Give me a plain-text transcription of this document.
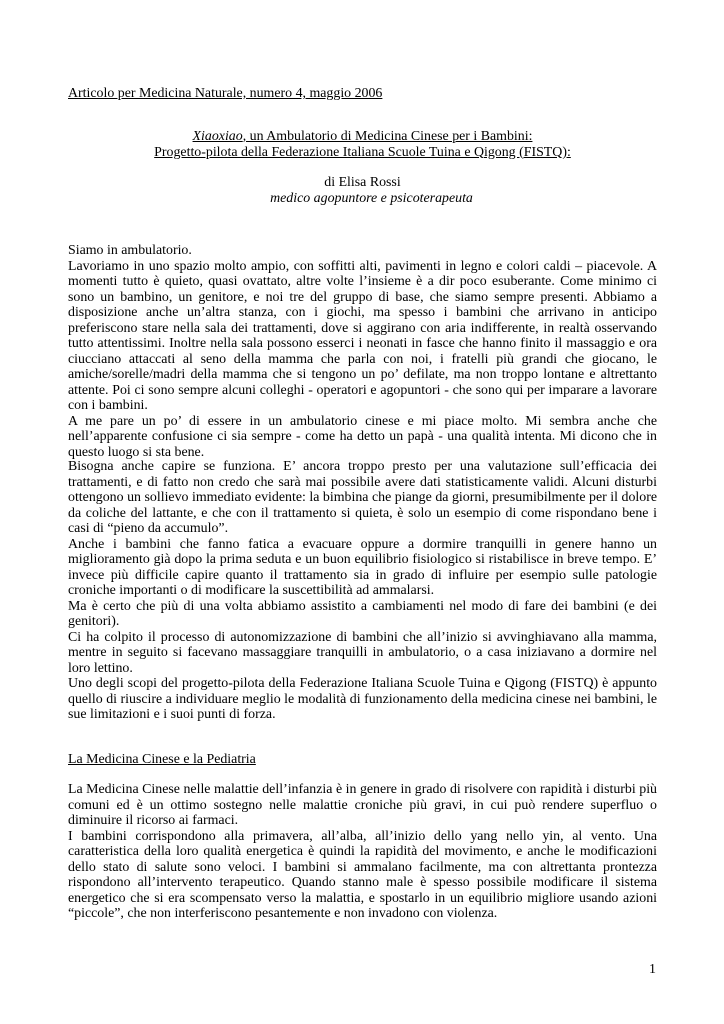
Articolo per Medicina Naturale, numero 4, maggio 2006
Xiaoxiao, un Ambulatorio di Medicina Cinese per i Bambini:
Progetto-pilota della Federazione Italiana Scuole Tuina e Qigong (FISTQ):
di Elisa Rossi
medico agopuntore e psicoterapeuta

Siamo in ambulatorio.

Lavoriamo in uno spazio molto ampio, con soffitti alti, pavimenti in legno e colori caldi – piacevole. A momenti tutto è quieto, quasi ovattato, altre volte l’insieme è a dir poco esuberante. Come minimo ci sono un bambino, un genitore, e noi tre del gruppo di base, che siamo sempre presenti. Abbiamo a disposizione anche un’altra stanza, con i giochi, ma spesso i bambini che arrivano in anticipo preferiscono stare nella sala dei trattamenti, dove si aggirano con aria indifferente, in realtà osservando tutto attentissimi. Inoltre nella sala possono esserci i neonati in fasce che hanno finito il massaggio e ora ciucciano attaccati al seno della mamma che parla con noi, i fratelli più grandi che giocano, le amiche/sorelle/madri della mamma che si tengono un po’ defilate, ma non troppo lontane e altrettanto attente. Poi ci sono sempre alcuni colleghi - operatori e agopuntori - che sono qui per imparare a lavorare con i bambini.

A me pare un po’ di essere in un ambulatorio cinese e mi piace molto. Mi sembra anche che nell’apparente confusione ci sia sempre - come ha detto un papà - una qualità intenta. Mi dicono che in questo luogo si sta bene.

Bisogna anche capire se funziona. E’ ancora troppo presto per una valutazione sull’efficacia dei trattamenti, e di fatto non credo che sarà mai possibile avere dati statisticamente validi. Alcuni disturbi ottengono un sollievo immediato evidente: la bimbina che piange da giorni, presumibilmente per il dolore da coliche del lattante, e che con il trattamento si quieta, è solo un esempio di come rispondano bene i casi di “pieno da accumulo”.

Anche i bambini che fanno fatica a evacuare oppure a dormire tranquilli in genere hanno un miglioramento già dopo la prima seduta e un buon equilibrio fisiologico si ristabilisce in breve tempo. E’ invece più difficile capire quanto il trattamento sia in grado di influire per esempio sulle patologie croniche importanti o di modificare la suscettibilità ad ammalarsi.

Ma è certo che più di una volta abbiamo assistito a cambiamenti nel modo di fare dei bambini (e dei genitori).

Ci ha colpito il processo di autonomizzazione di bambini che all’inizio si avvinghiavano alla mamma, mentre in seguito si facevano massaggiare tranquilli in ambulatorio, o a casa iniziavano a dormire nel loro lettino.

Uno degli scopi del progetto-pilota della Federazione Italiana Scuole Tuina e Qigong (FISTQ) è appunto quello di riuscire a individuare meglio le modalità di funzionamento della medicina cinese nei bambini, le sue limitazioni e i suoi punti di forza.

La Medicina Cinese e la Pediatria

La Medicina Cinese nelle malattie dell’infanzia è in genere in grado di risolvere con rapidità i disturbi più comuni ed è un ottimo sostegno nelle malattie croniche più gravi, in cui può rendere superfluo o diminuire il ricorso ai farmaci.

I bambini corrispondono alla primavera, all’alba, all’inizio dello yang nello yin, al vento. Una caratteristica della loro qualità energetica è quindi la rapidità del movimento, e anche le modificazioni dello stato di salute sono veloci. I bambini si ammalano facilmente, ma con altrettanta prontezza rispondono all’intervento terapeutico. Quando stanno male è spesso possibile modificare il sistema energetico che si era scompensato verso la malattia, e spostarlo in un equilibrio migliore usando azioni “piccole”, che non interferiscono pesantemente e non invadono con violenza.

1
